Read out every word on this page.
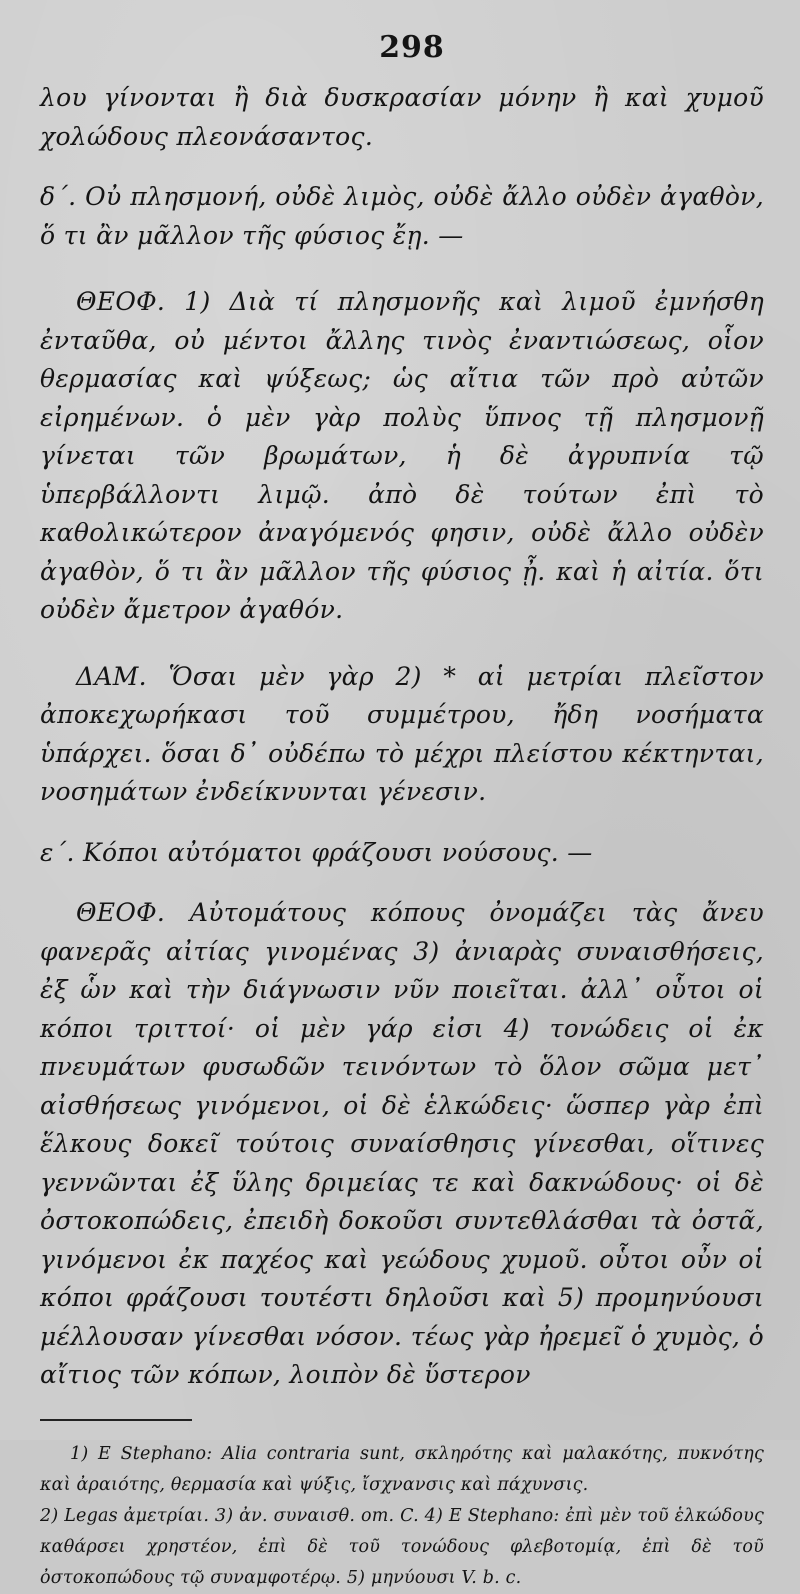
298

λου γίνονται ἢ διὰ δυσκρασίαν μόνην ἢ καὶ χυμοῦ χολώδους πλεονάσαντος.

δ΄. Οὐ πλησμονή, οὐδὲ λιμὸς, οὐδὲ ἄλλο οὐδὲν ἀγαθὸν, ὅ τι ἂν μᾶλλον τῆς φύσιος ἔῃ. —

ΘΕΟΦ. 1) Διὰ τί πλησμονῆς καὶ λιμοῦ ἐμνήσθη ἐνταῦθα, οὐ μέντοι ἄλλης τινὸς ἐναντιώσεως, οἷον θερμασίας καὶ ψύξεως; ὡς αἴτια τῶν πρὸ αὐτῶν εἰρημένων. ὁ μὲν γὰρ πολὺς ὕπνος τῇ πλησμονῇ γίνεται τῶν βρωμάτων, ἡ δὲ ἀγρυπνία τῷ ὑπερβάλλοντι λιμῷ. ἀπὸ δὲ τούτων ἐπὶ τὸ καθολικώτερον ἀναγόμενός φησιν, οὐδὲ ἄλλο οὐδὲν ἀγαθὸν, ὅ τι ἂν μᾶλλον τῆς φύσιος ᾖ. καὶ ἡ αἰτία. ὅτι οὐδὲν ἄμετρον ἀγαθόν.

ΔΑΜ. Ὅσαι μὲν γὰρ 2) * αἱ μετρίαι πλεῖστον ἀποκεχωρήκασι τοῦ συμμέτρου, ἤδη νοσήματα ὑπάρχει. ὅσαι δ᾽ οὐδέπω τὸ μέχρι πλείστου κέκτηνται, νοσημάτων ἐνδείκνυνται γένεσιν.

ε΄. Κόποι αὐτόματοι φράζουσι νούσους. —

ΘΕΟΦ. Αὐτομάτους κόπους ὀνομάζει τὰς ἄνευ φανερᾶς αἰτίας γινομένας 3) ἀνιαρὰς συναισθήσεις, ἐξ ὧν καὶ τὴν διάγνωσιν νῦν ποιεῖται. ἀλλ᾽ οὗτοι οἱ κόποι τριττοί· οἱ μὲν γάρ εἰσι 4) τονώδεις οἱ ἐκ πνευμάτων φυσωδῶν τεινόντων τὸ ὅλον σῶμα μετ᾽ αἰσθήσεως γινόμενοι, οἱ δὲ ἑλκώδεις· ὥσπερ γὰρ ἐπὶ ἕλκους δοκεῖ τούτοις συναίσθησις γίνεσθαι, οἵτινες γεννῶνται ἐξ ὕλης δριμείας τε καὶ δακνώδους· οἱ δὲ ὀστοκοπώδεις, ἐπειδὴ δοκοῦσι συντεθλάσθαι τὰ ὀστᾶ, γινόμενοι ἐκ παχέος καὶ γεώδους χυμοῦ. οὗτοι οὖν οἱ κόποι φράζουσι τουτέστι δηλοῦσι καὶ 5) προμηνύουσι μέλλουσαν γίνεσθαι νόσον. τέως γὰρ ἠρεμεῖ ὁ χυμὸς, ὁ αἴτιος τῶν κόπων, λοιπὸν δὲ ὕστερον

1) E Stephano: Alia contraria sunt, σκληρότης καὶ μαλακότης, πυκνότης καὶ ἀραιότης, θερμασία καὶ ψύξις, ἴσχνανσις καὶ πάχυνσις.

2) Legas ἀμετρίαι. 3) ἀν. συναισθ. om. C. 4) E Stephano: ἐπὶ μὲν τοῦ ἑλκώδους καθάρσει χρηστέον, ἐπὶ δὲ τοῦ τονώδους φλεβοτομίᾳ, ἐπὶ δὲ τοῦ ὀστοκοπώδους τῷ συναμφοτέρῳ. 5) μηνύουσι V. b. c.
